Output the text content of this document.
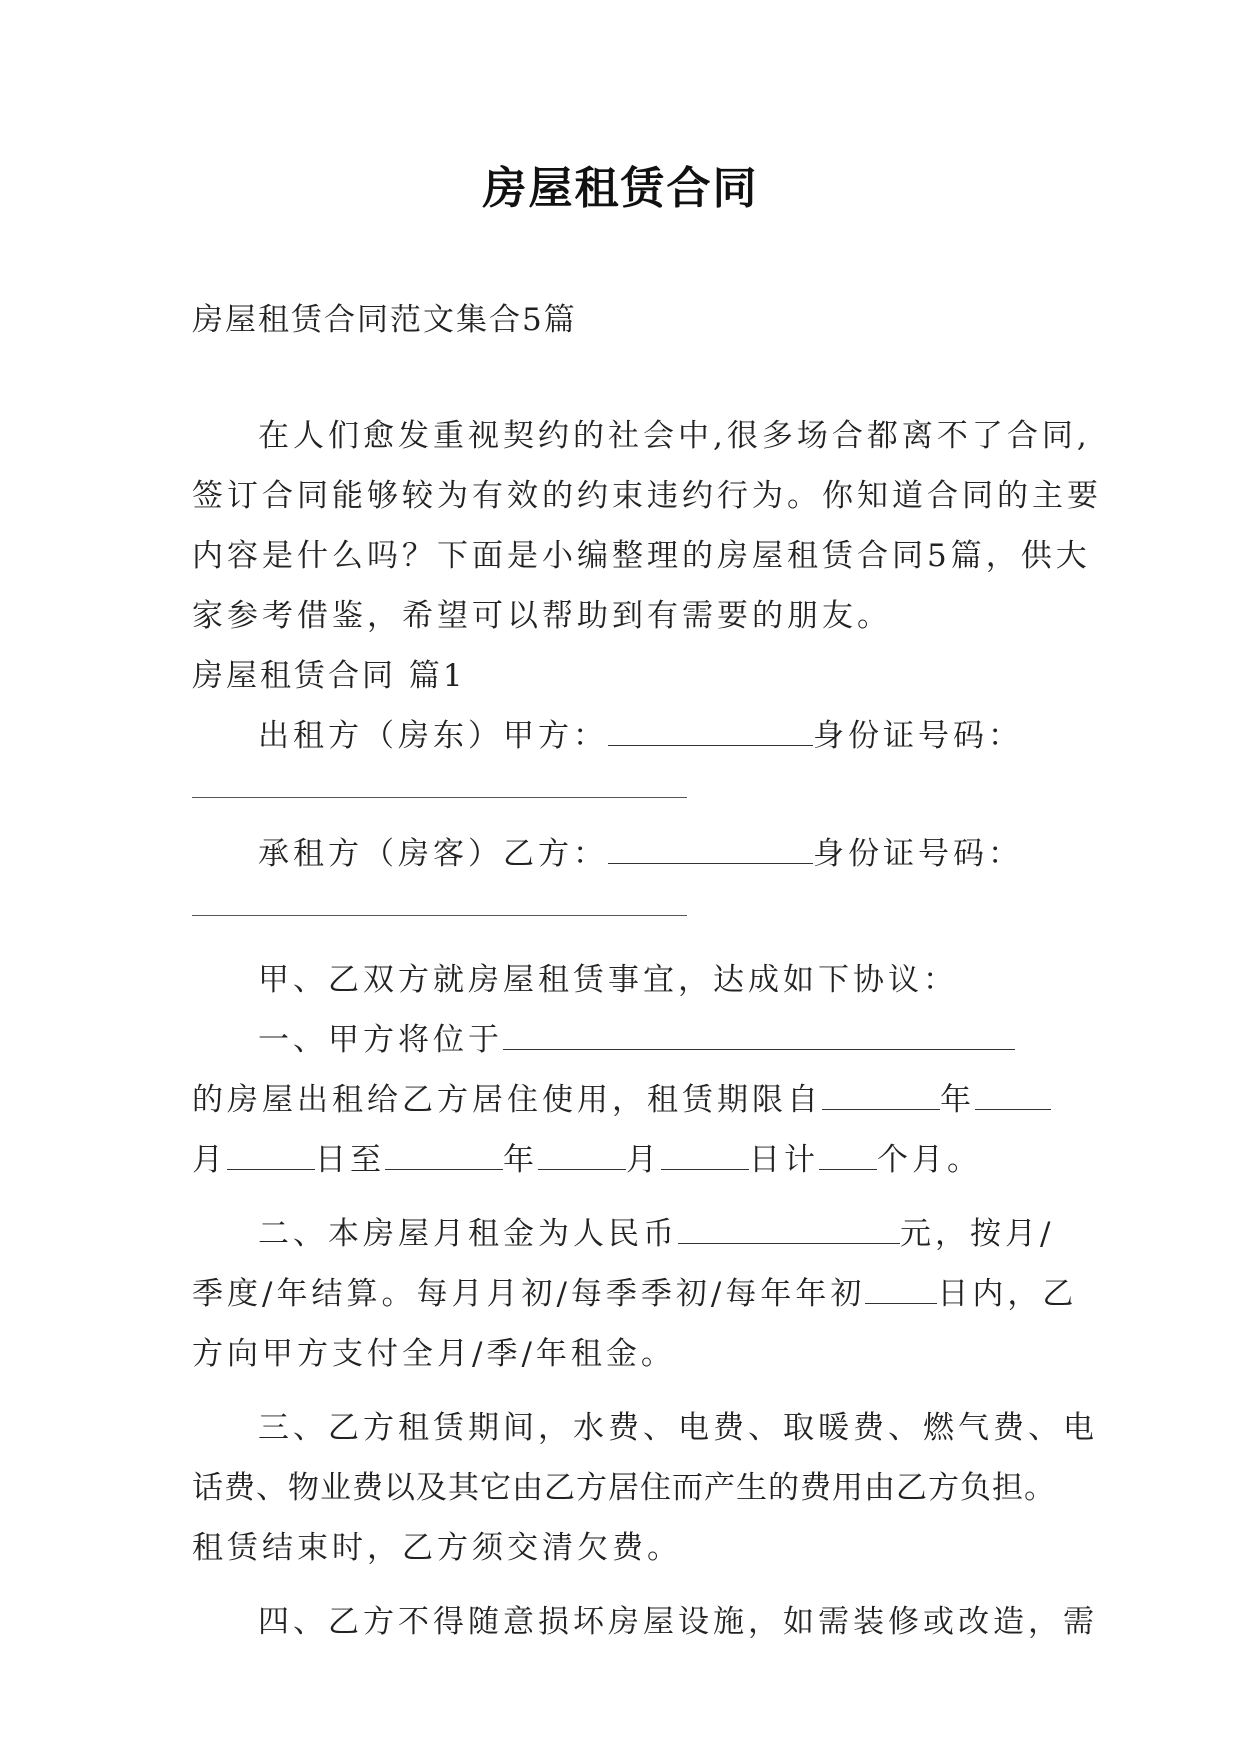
房屋租赁合同
房屋租赁合同范文集合5篇
在人们愈发重视契约的社会中,很多场合都离不了合同,
签订合同能够较为有效的约束违约行为。你知道合同的主要
内容是什么吗？下面是小编整理的房屋租赁合同5篇，供大
家参考借鉴，希望可以帮助到有需要的朋友。
房屋租赁合同 篇1
出租方（房东）甲方：	身份证号码：
承租方（房客）乙方：	身份证号码：
甲、乙双方就房屋租赁事宜，达成如下协议：
一、甲方将位于
的房屋出租给乙方居住使用，租赁期限自	年
月	日至	年	月	日计 个月。
二、本房屋月租金为人民币	元，按月/
季度/年结算。每月月初/每季季初/每年年初 日内，乙
方向甲方支付全月/季/年租金。
三、乙方租赁期间，水费、电费、取暖费、燃气费、电
话费、物业费以及其它由乙方居住而产生的费用由乙方负担。
租赁结束时，乙方须交清欠费。
四、乙方不得随意损坏房屋设施，如需装修或改造，需
